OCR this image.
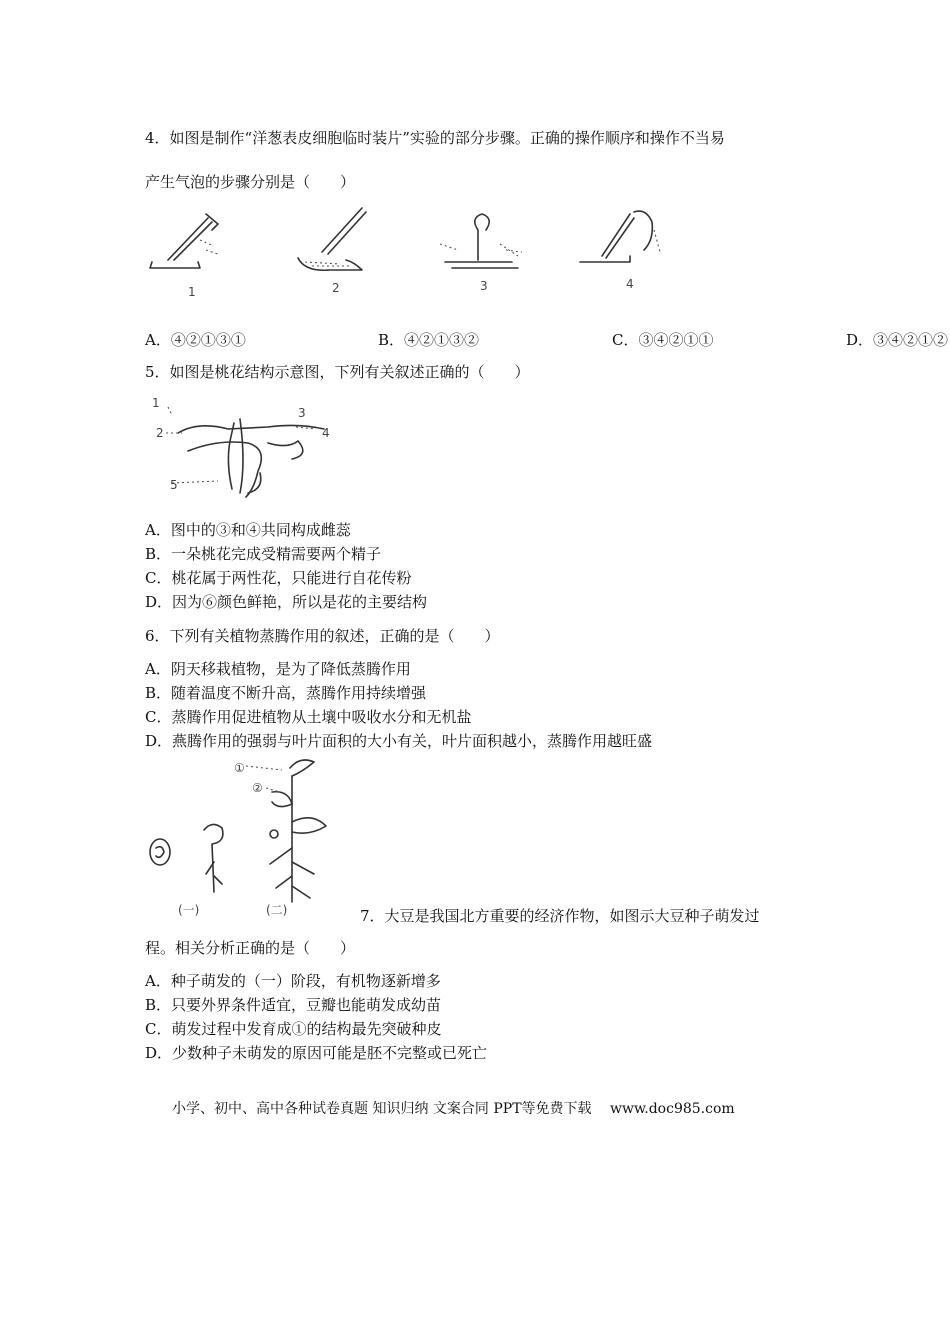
4．如图是制作“洋葱表皮细胞临时装片”实验的部分步骤。正确的操作顺序和操作不当易
产生气泡的步骤分别是（　　）
1	2	3	4
A．④②①③①	B．④②①③②	C．③④②①①	D．③④②①②
5．如图是桃花结构示意图，下列有关叙述正确的（　　）
1
2
3
4
5
A．图中的③和④共同构成雌蕊
B．一朵桃花完成受精需要两个精子
C．桃花属于两性花，只能进行自花传粉
D．因为⑥颜色鲜艳，所以是花的主要结构
6．下列有关植物蒸腾作用的叙述，正确的是（　　）
A．阴天移栽植物，是为了降低蒸腾作用
B．随着温度不断升高，蒸腾作用持续增强
C．蒸腾作用促进植物从土壤中吸收水分和无机盐
D．燕腾作用的强弱与叶片面积的大小有关，叶片面积越小，蒸腾作用越旺盛
①
②
(一)	(二)	7．大豆是我国北方重要的经济作物，如图示大豆种子萌发过
程。相关分析正确的是（　　）
A．种子萌发的（一）阶段，有机物逐新增多
B．只要外界条件适宜，豆瓣也能萌发成幼苗
C．萌发过程中发育成①的结构最先突破种皮
D．少数种子未萌发的原因可能是胚不完整或已死亡
小学、初中、高中各种试卷真题 知识归纳 文案合同 PPT等免费下载　 www.doc985.com
